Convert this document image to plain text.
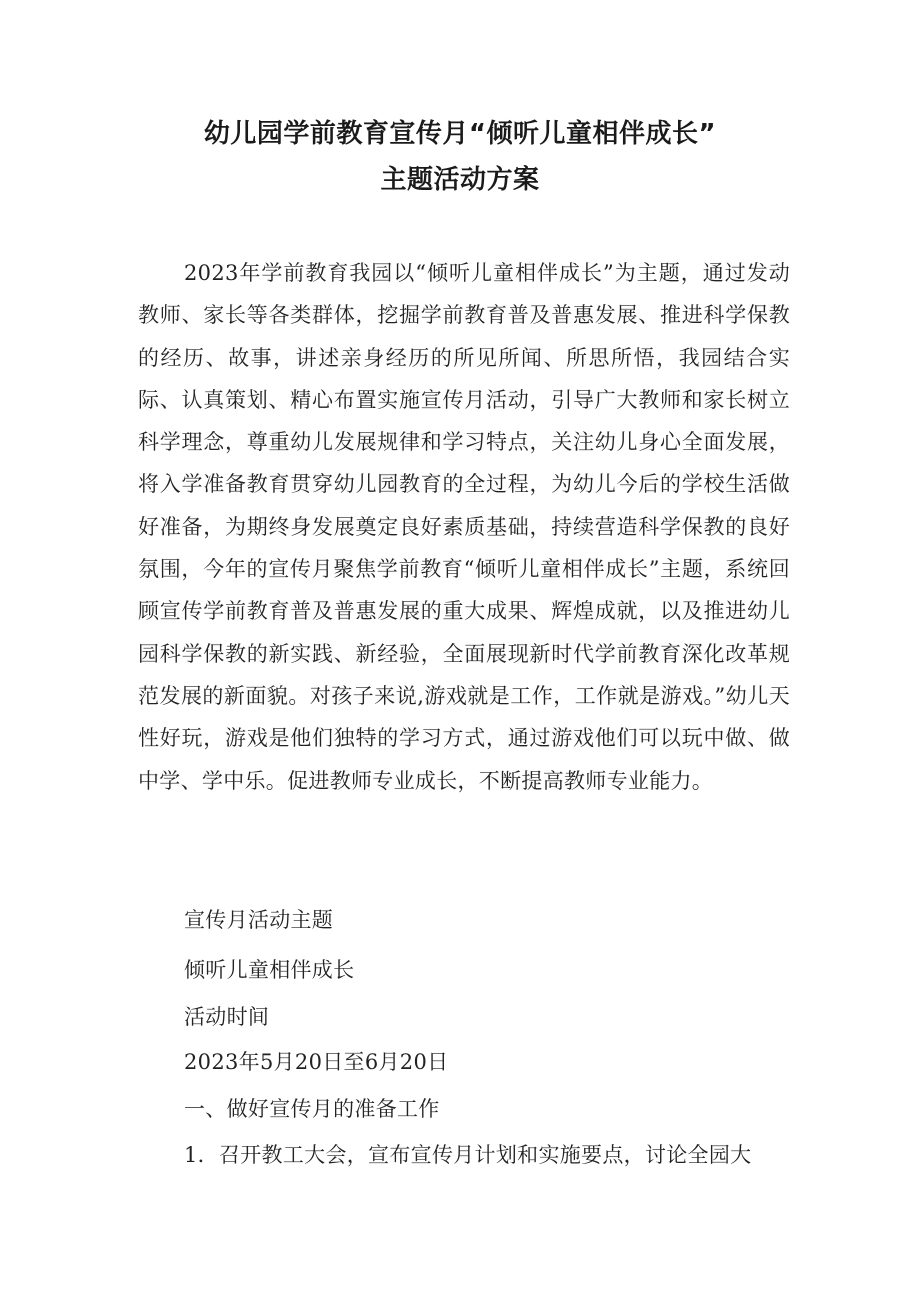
幼儿园学前教育宣传月“倾听儿童相伴成长”
主题活动方案

2023年学前教育我园以“倾听儿童相伴成长”为主题，通过发动教师、家长等各类群体，挖掘学前教育普及普惠发展、推进科学保教的经历、故事，讲述亲身经历的所见所闻、所思所悟，我园结合实际、认真策划、精心布置实施宣传月活动，引导广大教师和家长树立科学理念，尊重幼儿发展规律和学习特点，关注幼儿身心全面发展，将入学准备教育贯穿幼儿园教育的全过程，为幼儿今后的学校生活做好准备，为期终身发展奠定良好素质基础，持续营造科学保教的良好氛围，今年的宣传月聚焦学前教育“倾听儿童相伴成长”主题，系统回顾宣传学前教育普及普惠发展的重大成果、辉煌成就，以及推进幼儿园科学保教的新实践、新经验，全面展现新时代学前教育深化改革规范发展的新面貌。对孩子来说,游戏就是工作，工作就是游戏。”幼儿天性好玩，游戏是他们独特的学习方式，通过游戏他们可以玩中做、做中学、学中乐。促进教师专业成长，不断提高教师专业能力。

宣传月活动主题

倾听儿童相伴成长

活动时间

2023年5月20日至6月20日

一、做好宣传月的准备工作

1．召开教工大会，宣布宣传月计划和实施要点，讨论全园大
